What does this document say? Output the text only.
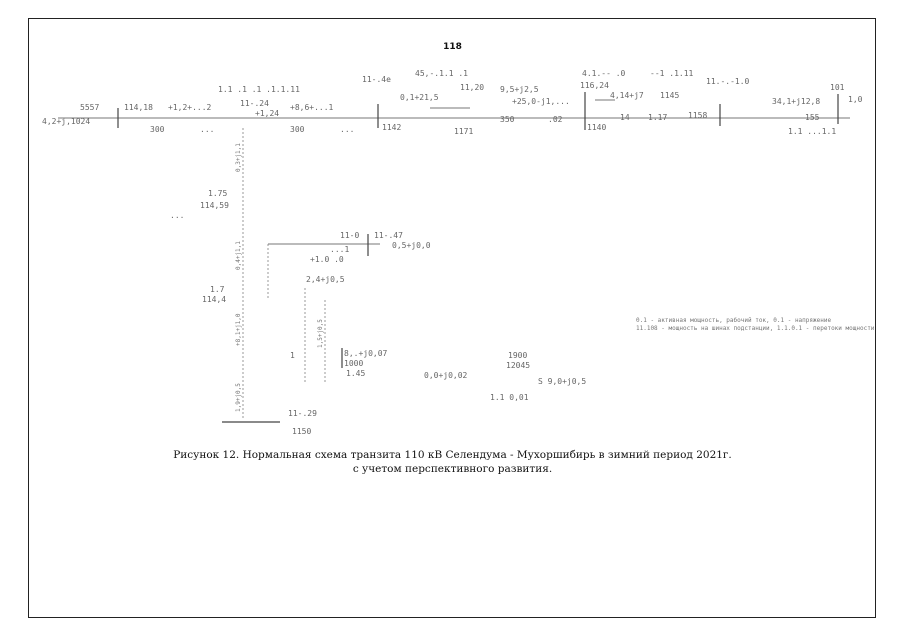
118
4,2+j,1024
5557	114,18 +1,2+...2
300	...
11-.24
+1,24
+8,6+...1
300	...	1142
1.1 .1 .1 .1.1.11
11-.4e
0,1+21,5
45,-.1.1 .1
11,20 9,5+j2,5
+25,0-j1,...
1171
350	.02
4.1.-- .0
116,24
4,14+j7 1145
1140
14 1.17
--1 .1.11
11.-.-1.0
1158
34,1+j12,8
101
1,0
155
1.1 ...1.1
0,3+j1,1
0,4+j1,1
+8,1+j1,0
1,9+j0,5
1,5+j0,5
1.75
114,59
...
11-0 11-.47
0,5+j0,0
...1
+1.0 .0
2,4+j0,5
1.7
114,4
1	8,.+j0,07
1000
1.45	0,0+j0,02
1900
12045
1.1 0,01
S 9,0+j0,5
11-.29
1150
0.1 - активная мощность, рабочий ток, 0.1 - напряжение
11.108 - мощность на шинах подстанции, 1.1.0.1 - перетоки мощности
Рисунок 12. Нормальная схема транзита 110 кВ Селендума - Мухоршибирь в зимний период 2021г.
с учетом перспективного развития.
